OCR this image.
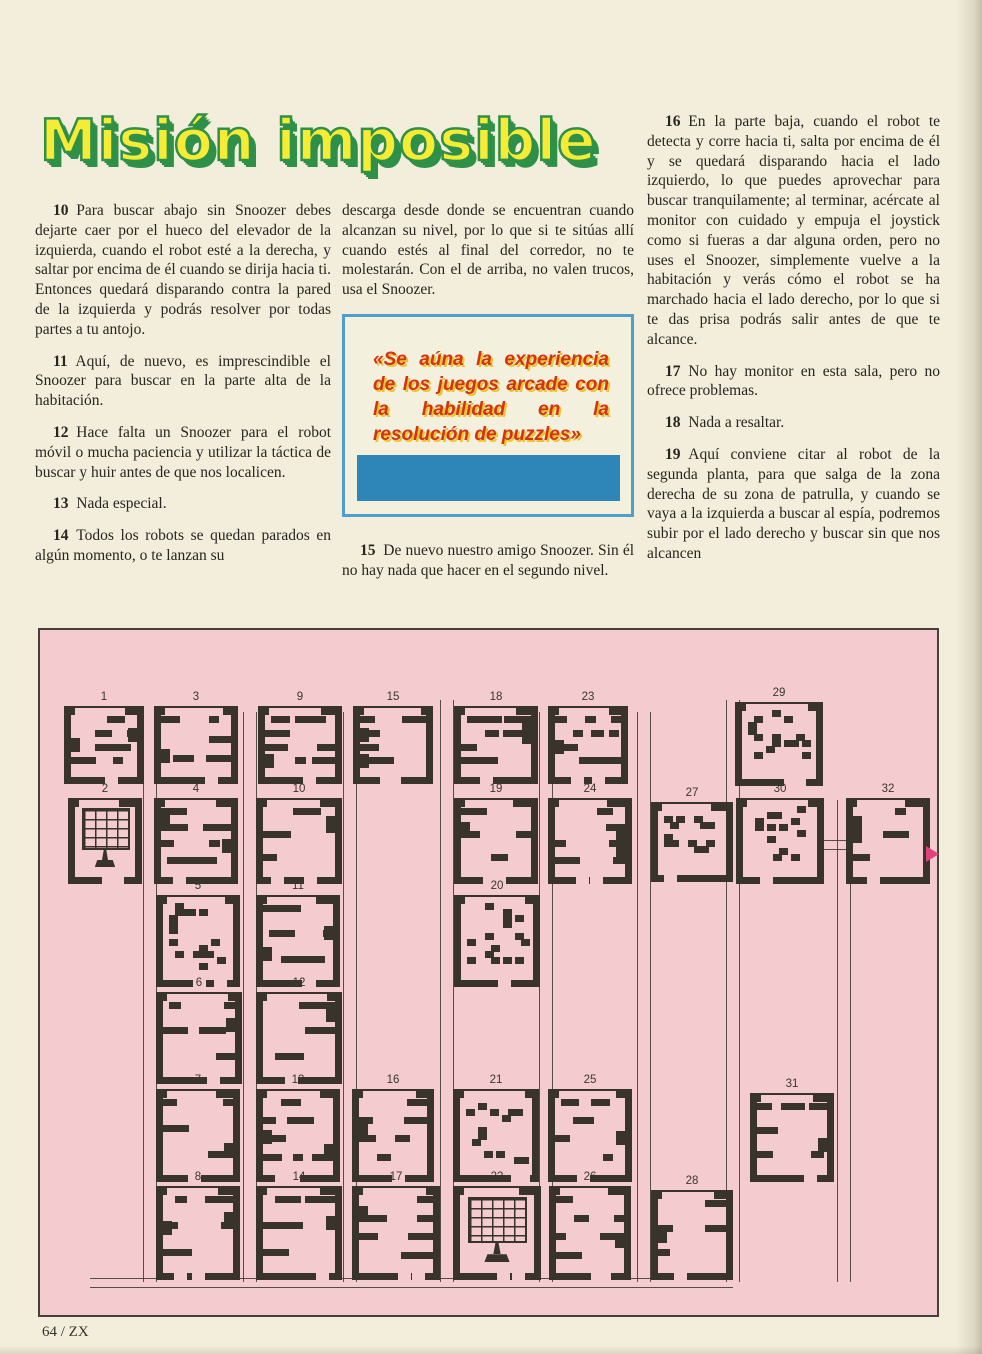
Misión imposible

10 Para buscar abajo sin Snoozer debes dejarte caer por el hueco del elevador de la izquierda, cuando el robot esté a la derecha, y saltar por encima de él cuando se dirija hacia ti. Entonces quedará disparando contra la pared de la izquierda y podrás resolver por todas partes a tu antojo.

11 Aquí, de nuevo, es imprescindible el Snoozer para buscar en la parte alta de la habitación.

12 Hace falta un Snoozer para el robot móvil o mucha paciencia y utilizar la táctica de buscar y huir antes de que nos localicen.

13 Nada especial.

14 Todos los robots se quedan parados en algún momento, o te lanzan su

descarga desde donde se encuentran cuando alcanzan su nivel, por lo que si te sitúas allí cuando estés al final del corredor, no te molestarán. Con el de arriba, no valen trucos, usa el Snoozer.

«Se aúna la experiencia de los juegos arcade con la habilidad en la resolución de puzzles»

15 De nuevo nuestro amigo Snoozer. Sin él no hay nada que hacer en el segundo nivel.

16 En la parte baja, cuando el robot te detecta y corre hacia ti, salta por encima de él y se quedará disparando hacia el lado izquierdo, lo que puedes aprovechar para buscar tranquilamente; al terminar, acércate al monitor con cuidado y empuja el joystick como si fueras a dar alguna orden, pero no uses el Snoozer, simplemente vuelve a la habitación y verás cómo el robot se ha marchado hacia el lado derecho, por lo que si te das prisa podrás salir antes de que te alcance.

17 No hay monitor en esta sala, pero no ofrece problemas.

18 Nada a resaltar.

19 Aquí conviene citar al robot de la segunda planta, para que salga de la zona derecha de su zona de patrulla, y cuando se vaya a la izquierda a buscar al espía, podremos subir por el lado derecho y buscar sin que nos alcancen

1
2
3
4
5
6
7
8
9
10
11
12
13
14
15
16
17
18
19
20
21
22
23
24
25
26
27
28
29
30
31
32
64 / ZX
